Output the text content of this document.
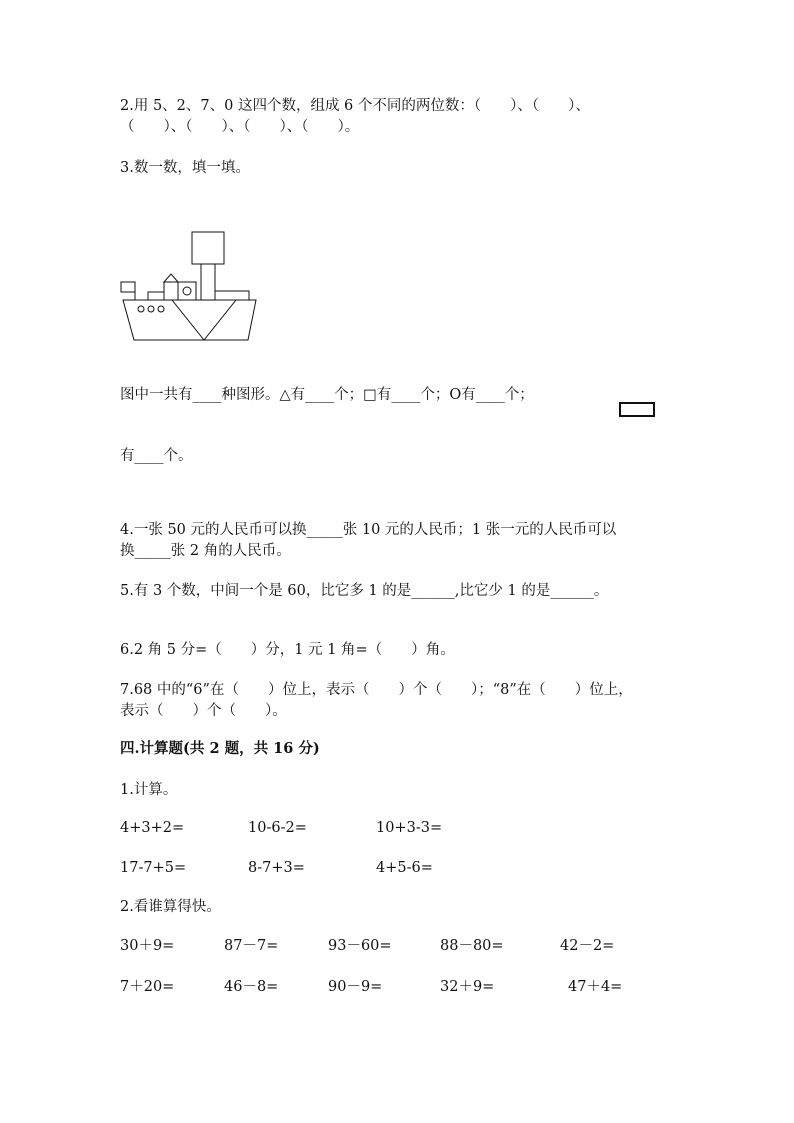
2.用 5、2、7、0 这四个数，组成 6 个不同的两位数：（　　）、（　　）、
（　　）、（　　）、（　　）、（　　）。
3.数一数，填一填。
图中一共有____种图形。△有____个；□有____个；O有____个；
有____个。
4.一张 50 元的人民币可以换_____张 10 元的人民币；1 张一元的人民币可以
换_____张 2 角的人民币。
5.有 3 个数，中间一个是 60，比它多 1 的是______,比它少 1 的是______。
6.2 角 5 分=（　　）分，1 元 1 角=（　　）角。
7.68 中的“6”在（　　）位上，表示（　　）个（　　）；“8”在（　　）位上，
表示（　　）个（　　）。
四.计算题(共 2 题，共 16 分)
1.计算。
4+3+2=	10-6-2=	10+3-3=
17-7+5=	8-7+3=	4+5-6=
2.看谁算得快。
30＋9=	87－7=	93－60=	88－80=	42－2=
7＋20=	46－8=	90－9=	32＋9=	47＋4=
